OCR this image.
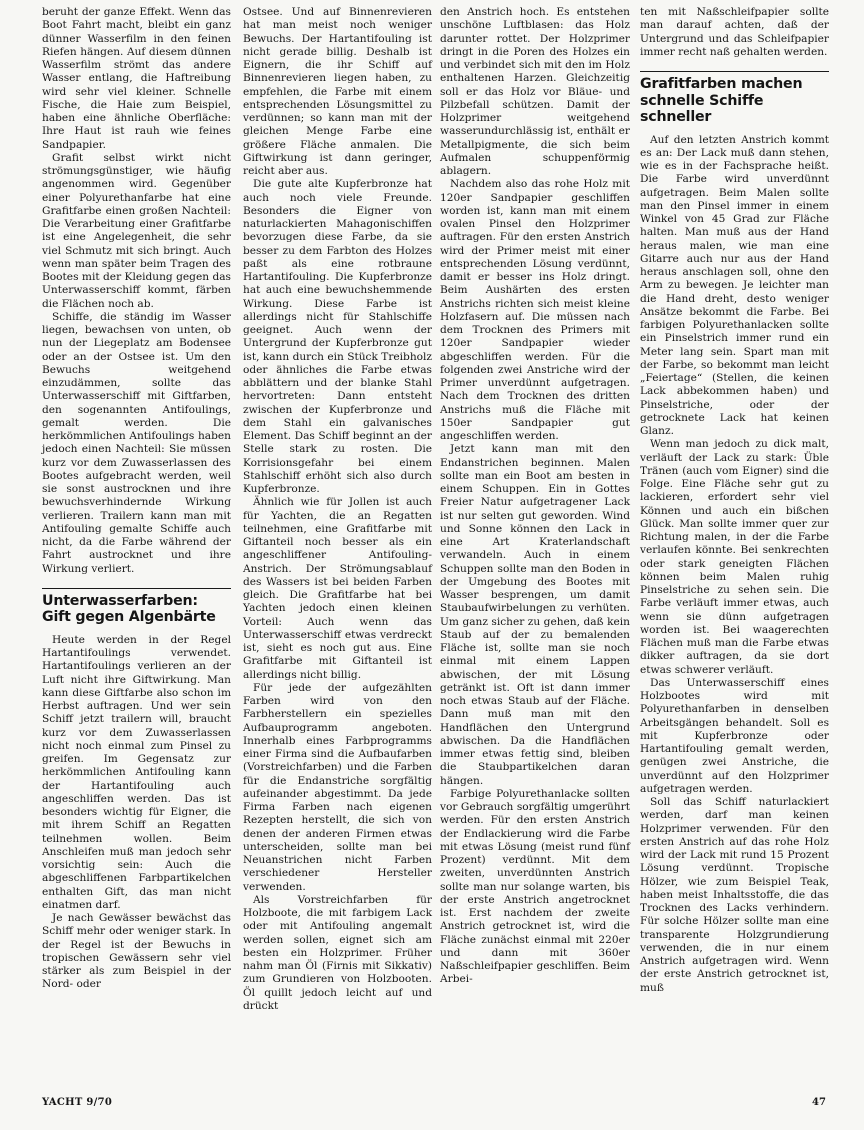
beruht der ganze Effekt. Wenn das Boot Fahrt macht, bleibt ein ganz dünner Wasserfilm in den feinen Riefen hängen. Auf diesem dünnen Wasserfilm strömt das andere Wasser entlang, die Haftreibung wird sehr viel kleiner. Schnelle Fische, die Haie zum Beispiel, haben eine ähnliche Oberfläche: Ihre Haut ist rauh wie feines Sandpapier.

Grafit selbst wirkt nicht strömungsgünstiger, wie häufig angenommen wird. Gegenüber einer Polyurethanfarbe hat eine Grafitfarbe einen großen Nachteil: Die Verarbeitung einer Grafitfarbe ist eine Angelegenheit, die sehr viel Schmutz mit sich bringt. Auch wenn man später beim Tragen des Bootes mit der Kleidung gegen das Unterwasserschiff kommt, färben die Flächen noch ab.

Schiffe, die ständig im Wasser liegen, bewachsen von unten, ob nun der Liegeplatz am Bodensee oder an der Ostsee ist. Um den Bewuchs weitgehend einzudämmen, sollte das Unterwasserschiff mit Giftfarben, den sogenannten Antifoulings, gemalt werden. Die herkömmlichen Antifoulings haben jedoch einen Nachteil: Sie müssen kurz vor dem Zuwasserlassen des Bootes aufgebracht werden, weil sie sonst austrocknen und ihre bewuchsverhindernde Wirkung verlieren. Trailern kann man mit Antifouling gemalte Schiffe auch nicht, da die Farbe während der Fahrt austrocknet und ihre Wirkung verliert.

Unterwasserfarben:
Gift gegen Algenbärte

Heute werden in der Regel Hartantifoulings verwendet. Hartantifoulings verlieren an der Luft nicht ihre Giftwirkung. Man kann diese Giftfarbe also schon im Herbst auftragen. Und wer sein Schiff jetzt trailern will, braucht kurz vor dem Zuwasserlassen nicht noch einmal zum Pinsel zu greifen. Im Gegensatz zur herkömmlichen Antifouling kann der Hartantifouling auch angeschliffen werden. Das ist besonders wichtig für Eigner, die mit ihrem Schiff an Regatten teilnehmen wollen. Beim Anschleifen muß man jedoch sehr vorsichtig sein: Auch die abgeschliffenen Farbpartikelchen enthalten Gift, das man nicht einatmen darf.

Je nach Gewässer bewächst das Schiff mehr oder weniger stark. In der Regel ist der Bewuchs in tropischen Gewässern sehr viel stärker als zum Beispiel in der Nord- oder

Ostsee. Und auf Binnenrevieren hat man meist noch weniger Bewuchs. Der Hartantifouling ist nicht gerade billig. Deshalb ist Eignern, die ihr Schiff auf Binnenrevieren liegen haben, zu empfehlen, die Farbe mit einem entsprechenden Lösungsmittel zu verdünnen; so kann man mit der gleichen Menge Farbe eine größere Fläche anmalen. Die Giftwirkung ist dann geringer, reicht aber aus.

Die gute alte Kupferbronze hat auch noch viele Freunde. Besonders die Eigner von naturlackierten Mahagonischiffen bevorzugen diese Farbe, da sie besser zu dem Farbton des Holzes paßt als eine rotbraune Hartantifouling. Die Kupferbronze hat auch eine bewuchshemmende Wirkung. Diese Farbe ist allerdings nicht für Stahlschiffe geeignet. Auch wenn der Untergrund der Kupferbronze gut ist, kann durch ein Stück Treibholz oder ähnliches die Farbe etwas abblättern und der blanke Stahl hervortreten: Dann entsteht zwischen der Kupferbronze und dem Stahl ein galvanisches Element. Das Schiff beginnt an der Stelle stark zu rosten. Die Korrisionsgefahr bei einem Stahlschiff erhöht sich also durch Kupferbronze.

Ähnlich wie für Jollen ist auch für Yachten, die an Regatten teilnehmen, eine Grafitfarbe mit Giftanteil noch besser als ein angeschliffener Antifouling-Anstrich. Der Strömungsablauf des Wassers ist bei beiden Farben gleich. Die Grafitfarbe hat bei Yachten jedoch einen kleinen Vorteil: Auch wenn das Unterwasserschiff etwas verdreckt ist, sieht es noch gut aus. Eine Grafitfarbe mit Giftanteil ist allerdings nicht billig.

Für jede der aufgezählten Farben wird von den Farbherstellern ein spezielles Aufbauprogramm angeboten. Innerhalb eines Farbprogramms einer Firma sind die Aufbaufarben (Vorstreichfarben) und die Farben für die Endanstriche sorgfältig aufeinander abgestimmt. Da jede Firma Farben nach eigenen Rezepten herstellt, die sich von denen der anderen Firmen etwas unterscheiden, sollte man bei Neuanstrichen nicht Farben verschiedener Hersteller verwenden.

Als Vorstreichfarben für Holzboote, die mit farbigem Lack oder mit Antifouling angemalt werden sollen, eignet sich am besten ein Holzprimer. Früher nahm man Öl (Firnis mit Sikkativ) zum Grundieren von Holzbooten. Öl quillt jedoch leicht auf und drückt

den Anstrich hoch. Es entstehen unschöne Luftblasen: das Holz darunter rottet. Der Holzprimer dringt in die Poren des Holzes ein und verbindet sich mit den im Holz enthaltenen Harzen. Gleichzeitig soll er das Holz vor Bläue- und Pilzbefall schützen. Damit der Holzprimer weitgehend wasserundurchlässig ist, enthält er Metallpigmente, die sich beim Aufmalen schuppenförmig ablagern.

Nachdem also das rohe Holz mit 120er Sandpapier geschliffen worden ist, kann man mit einem ovalen Pinsel den Holzprimer auftragen. Für den ersten Anstrich wird der Primer meist mit einer entsprechenden Lösung verdünnt, damit er besser ins Holz dringt. Beim Aushärten des ersten Anstrichs richten sich meist kleine Holzfasern auf. Die müssen nach dem Trocknen des Primers mit 120er Sandpapier wieder abgeschliffen werden. Für die folgenden zwei Anstriche wird der Primer unverdünnt aufgetragen. Nach dem Trocknen des dritten Anstrichs muß die Fläche mit 150er Sandpapier gut angeschliffen werden.

Jetzt kann man mit den Endanstrichen beginnen. Malen sollte man ein Boot am besten in einem Schuppen. Ein in Gottes Freier Natur aufgetragener Lack ist nur selten gut geworden. Wind und Sonne können den Lack in eine Art Kraterlandschaft verwandeln. Auch in einem Schuppen sollte man den Boden in der Umgebung des Bootes mit Wasser besprengen, um damit Staubaufwirbelungen zu verhüten. Um ganz sicher zu gehen, daß kein Staub auf der zu bemalenden Fläche ist, sollte man sie noch einmal mit einem Lappen abwischen, der mit Lösung getränkt ist. Oft ist dann immer noch etwas Staub auf der Fläche. Dann muß man mit den Handflächen den Untergrund abwischen. Da die Handflächen immer etwas fettig sind, bleiben die Staubpartikelchen daran hängen.

Farbige Polyurethanlacke sollten vor Gebrauch sorgfältig umgerührt werden. Für den ersten Anstrich der Endlackierung wird die Farbe mit etwas Lösung (meist rund fünf Prozent) verdünnt. Mit dem zweiten, unverdünnten Anstrich sollte man nur solange warten, bis der erste Anstrich angetrocknet ist. Erst nachdem der zweite Anstrich getrocknet ist, wird die Fläche zunächst einmal mit 220er und dann mit 360er Naßschleifpapier geschliffen. Beim Arbei-

ten mit Naßschleifpapier sollte man darauf achten, daß der Untergrund und das Schleifpapier immer recht naß gehalten werden.

Grafitfarben machen
schnelle Schiffe
schneller

Auf den letzten Anstrich kommt es an: Der Lack muß dann stehen, wie es in der Fachsprache heißt. Die Farbe wird unverdünnt aufgetragen. Beim Malen sollte man den Pinsel immer in einem Winkel von 45 Grad zur Fläche halten. Man muß aus der Hand heraus malen, wie man eine Gitarre auch nur aus der Hand heraus anschlagen soll, ohne den Arm zu bewegen. Je leichter man die Hand dreht, desto weniger Ansätze bekommt die Farbe. Bei farbigen Polyurethanlacken sollte ein Pinselstrich immer rund ein Meter lang sein. Spart man mit der Farbe, so bekommt man leicht „Feiertage“ (Stellen, die keinen Lack abbekommen haben) und Pinselstriche, oder der getrocknete Lack hat keinen Glanz.

Wenn man jedoch zu dick malt, verläuft der Lack zu stark: Üble Tränen (auch vom Eigner) sind die Folge. Eine Fläche sehr gut zu lackieren, erfordert sehr viel Können und auch ein bißchen Glück. Man sollte immer quer zur Richtung malen, in der die Farbe verlaufen könnte. Bei senkrechten oder stark geneigten Flächen können beim Malen ruhig Pinselstriche zu sehen sein. Die Farbe verläuft immer etwas, auch wenn sie dünn aufgetragen worden ist. Bei waagerechten Flächen muß man die Farbe etwas dikker auftragen, da sie dort etwas schwerer verläuft.

Das Unterwasserschiff eines Holzbootes wird mit Polyurethanfarben in denselben Arbeitsgängen behandelt. Soll es mit Kupferbronze oder Hartantifouling gemalt werden, genügen zwei Anstriche, die unverdünnt auf den Holzprimer aufgetragen werden.

Soll das Schiff naturlackiert werden, darf man keinen Holzprimer verwenden. Für den ersten Anstrich auf das rohe Holz wird der Lack mit rund 15 Prozent Lösung verdünnt. Tropische Hölzer, wie zum Beispiel Teak, haben meist Inhaltsstoffe, die das Trocknen des Lacks verhindern. Für solche Hölzer sollte man eine transparente Holzgrundierung verwenden, die in nur einem Anstrich aufgetragen wird. Wenn der erste Anstrich getrocknet ist, muß

YACHT 9/70	47
